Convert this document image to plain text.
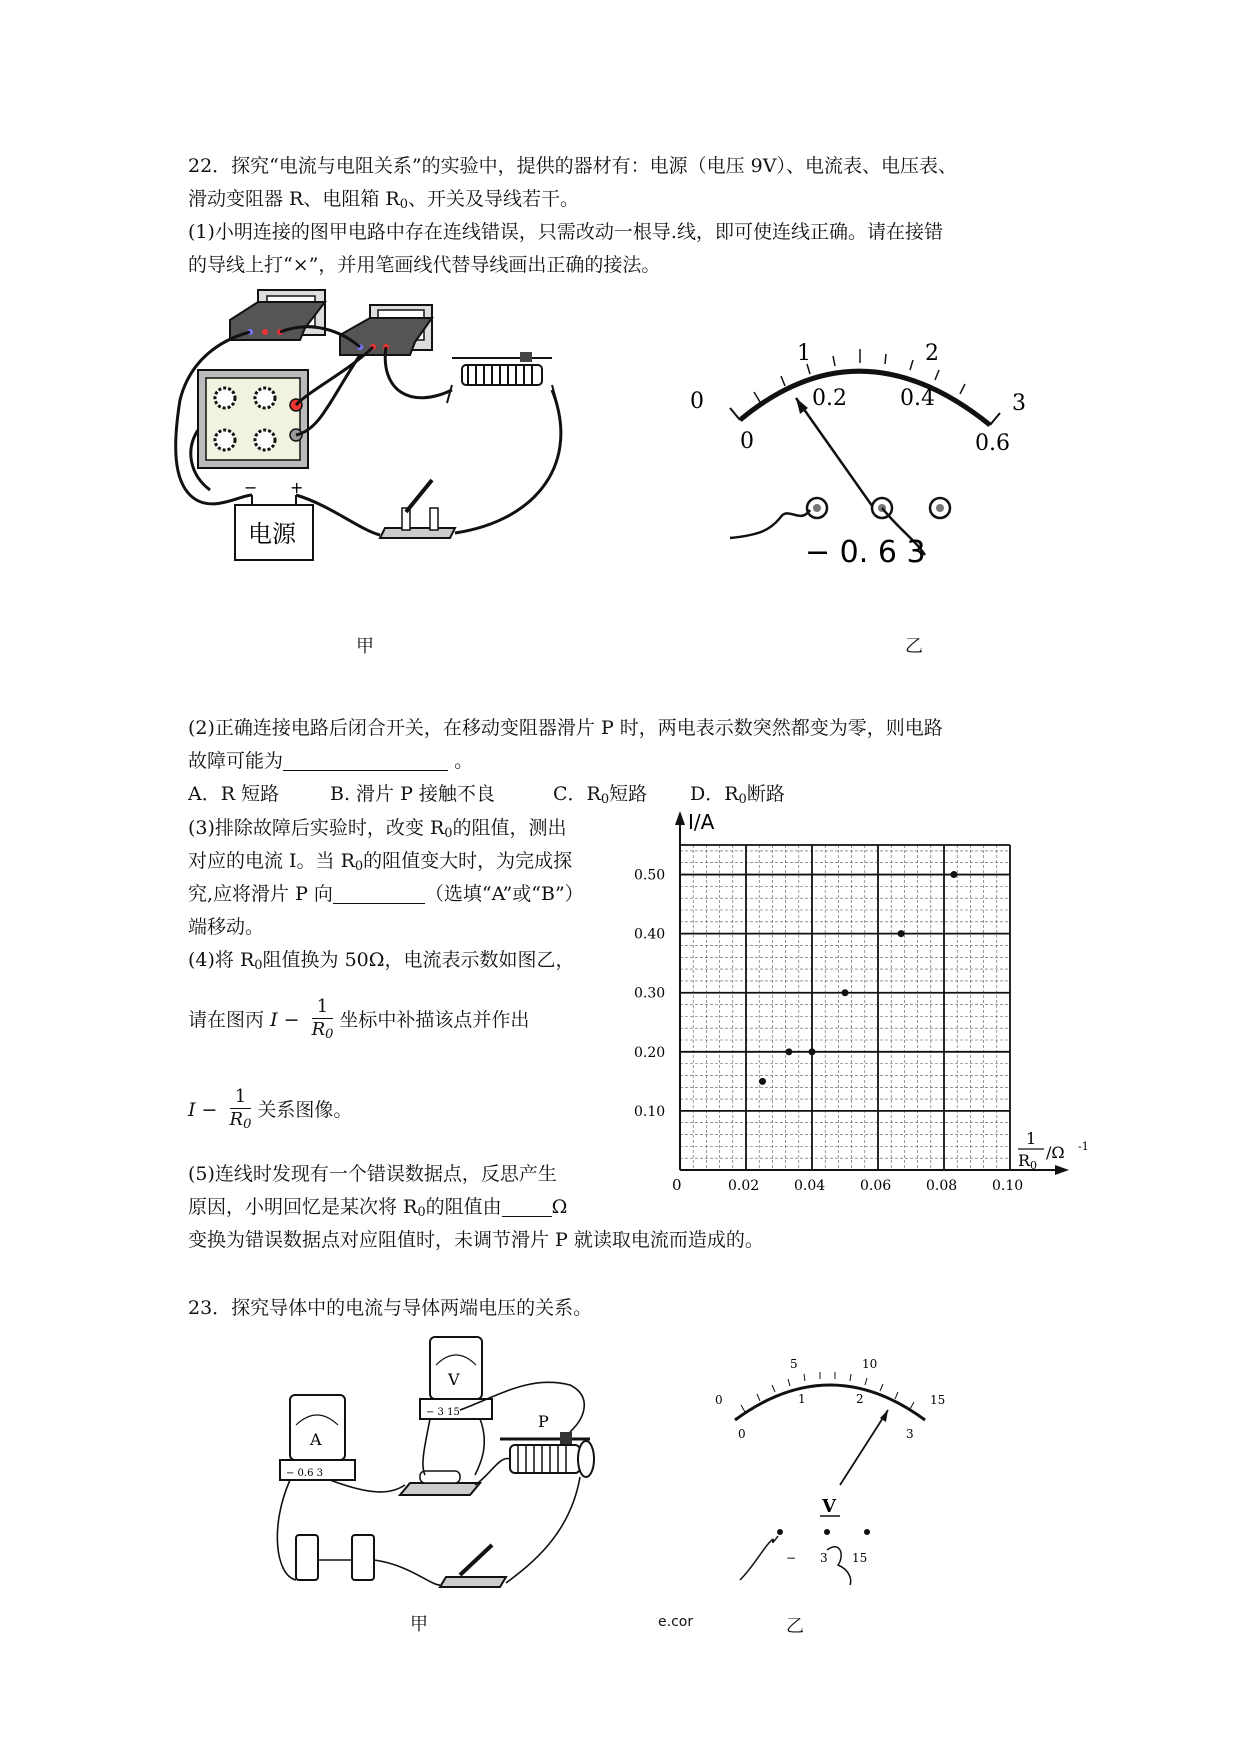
22．探究“电流与电阻关系”的实验中，提供的器材有：电源（电压 9V）、电流表、电压表、
滑动变阻器 R、电阻箱 $R_0$、开关及导线若干。
(1)小明连接的图甲电路中存在连线错误，只需改动一根导.线，即可使连线正确。请在接错
的导线上打“×”，并用笔画线代替导线画出正确的接法。
− +
电源
甲
0
1	2
3
0
0.2 0.4
0.6
− 0. 6 3
乙
(2)正确连接电路后闭合开关，在移动变阻器滑片 P 时，两电表示数突然都变为零，则电路
故障可能为	。
A．R 短路	B. 滑片 P 接触不良	C．$R_0$短路 D．$R_0$断路
(3)排除故障后实验时，改变 $R_0$的阻值，测出
对应的电流 I。当 $R_0$的阻值变大时，为完成探
究,应将滑片 P 向	（选填“A”或“B”）
端移动。
(4)将 $R_0$阻值换为 50Ω，电流表示数如图乙，
请在图丙 $I - \frac{1}{R_0}$ 坐标中补描该点并作出
$I - \frac{1}{R_0}$ 关系图像。
(5)连线时发现有一个错误数据点，反思产生
原因，小明回忆是某次将 $R_0$的阻值由	Ω
变换为错误数据点对应阻值时，未调节滑片 P 就读取电流而造成的。
0.02 0.04 0.06 0.08 0.10
0.10
0.20
0.30
0.40
0.50
I/A
0
1
R 0
/Ω -1
23．探究导体中的电流与导体两端电压的关系。
V
− 3 15
A
− 0.6 3
P
甲	e.cor
0
5	10
15
0
1	2
3
V
− 3 15
乙
